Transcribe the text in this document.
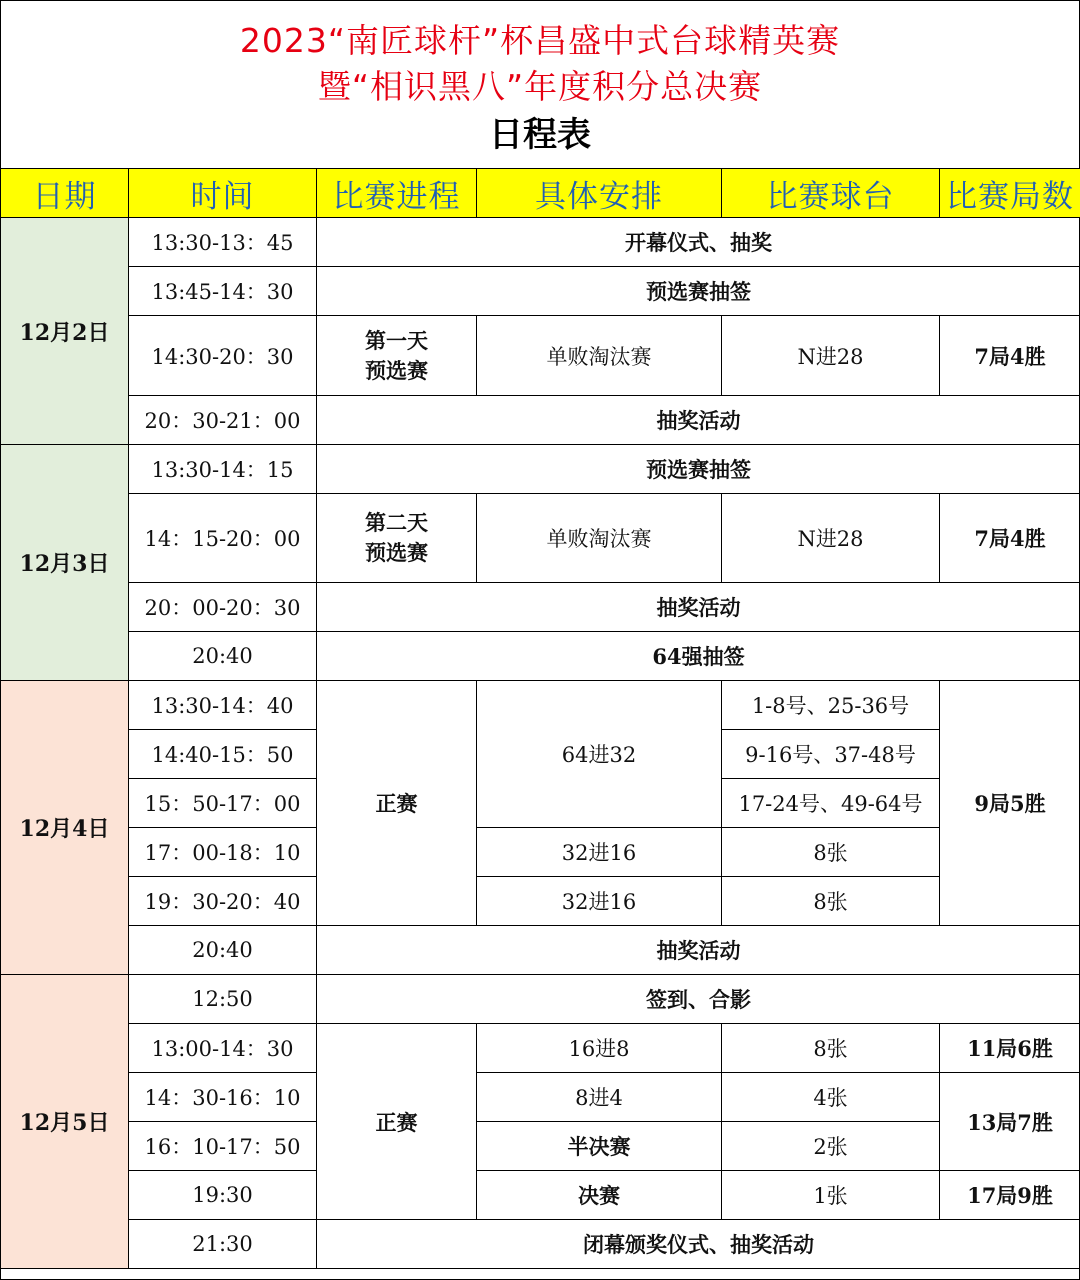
2023“南匠球杆”杯昌盛中式台球精英赛
暨“相识黑八”年度积分总决赛
日程表
日期	时间	比赛进程	具体安排	比赛球台	比赛局数
12月2日	13:30-13：45	开幕仪式、抽奖			
	13:45-14：30	预选赛抽签			
	14:30-20：30	第一天预选赛	单败淘汰赛	N进28	7局4胜
	20：30-21：00	抽奖活动			
12月3日	13:30-14：15	预选赛抽签			
	14：15-20：00	第二天预选赛	单败淘汰赛	N进28	7局4胜
	20：00-20：30	抽奖活动			
	20:40	64强抽签			
12月4日	13:30-14：40	正赛	64进32	1-8号、25-36号	9局5胜
	14:40-15：50			9-16号、37-48号	
	15：50-17：00			17-24号、49-64号	
	17：00-18：10		32进16	8张	
	19：30-20：40		32进16	8张	
	20:40	抽奖活动			
12月5日	12:50	签到、合影			
	13:00-14：30	正赛	16进8	8张	11局6胜
	14：30-16：10		8进4	4张	13局7胜
	16：10-17：50		半决赛	2张	
	19:30		决赛	1张	17局9胜
	21:30	闭幕颁奖仪式、抽奖活动			
